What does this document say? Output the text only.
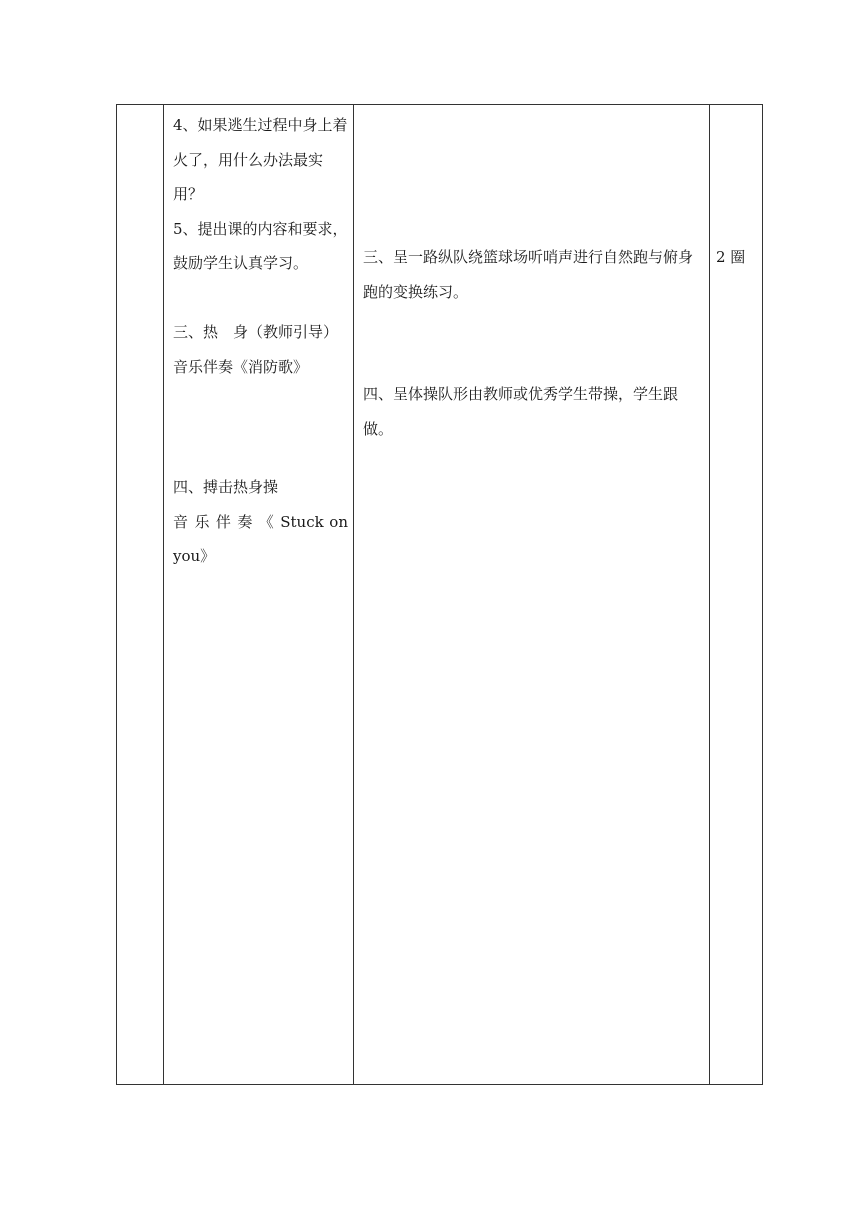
4、如果逃生过程中身上着火了，用什么办法最实用？

5、提出课的内容和要求，鼓励学生认真学习。

三、热　身（教师引导）

音乐伴奏《消防歌》

四、搏击热身操

音 乐 伴 奏 《 Stuck on

you》

三、呈一路纵队绕篮球场听哨声进行自然跑与俯身跑的变换练习。

四、呈体操队形由教师或优秀学生带操，学生跟做。

2 圈
